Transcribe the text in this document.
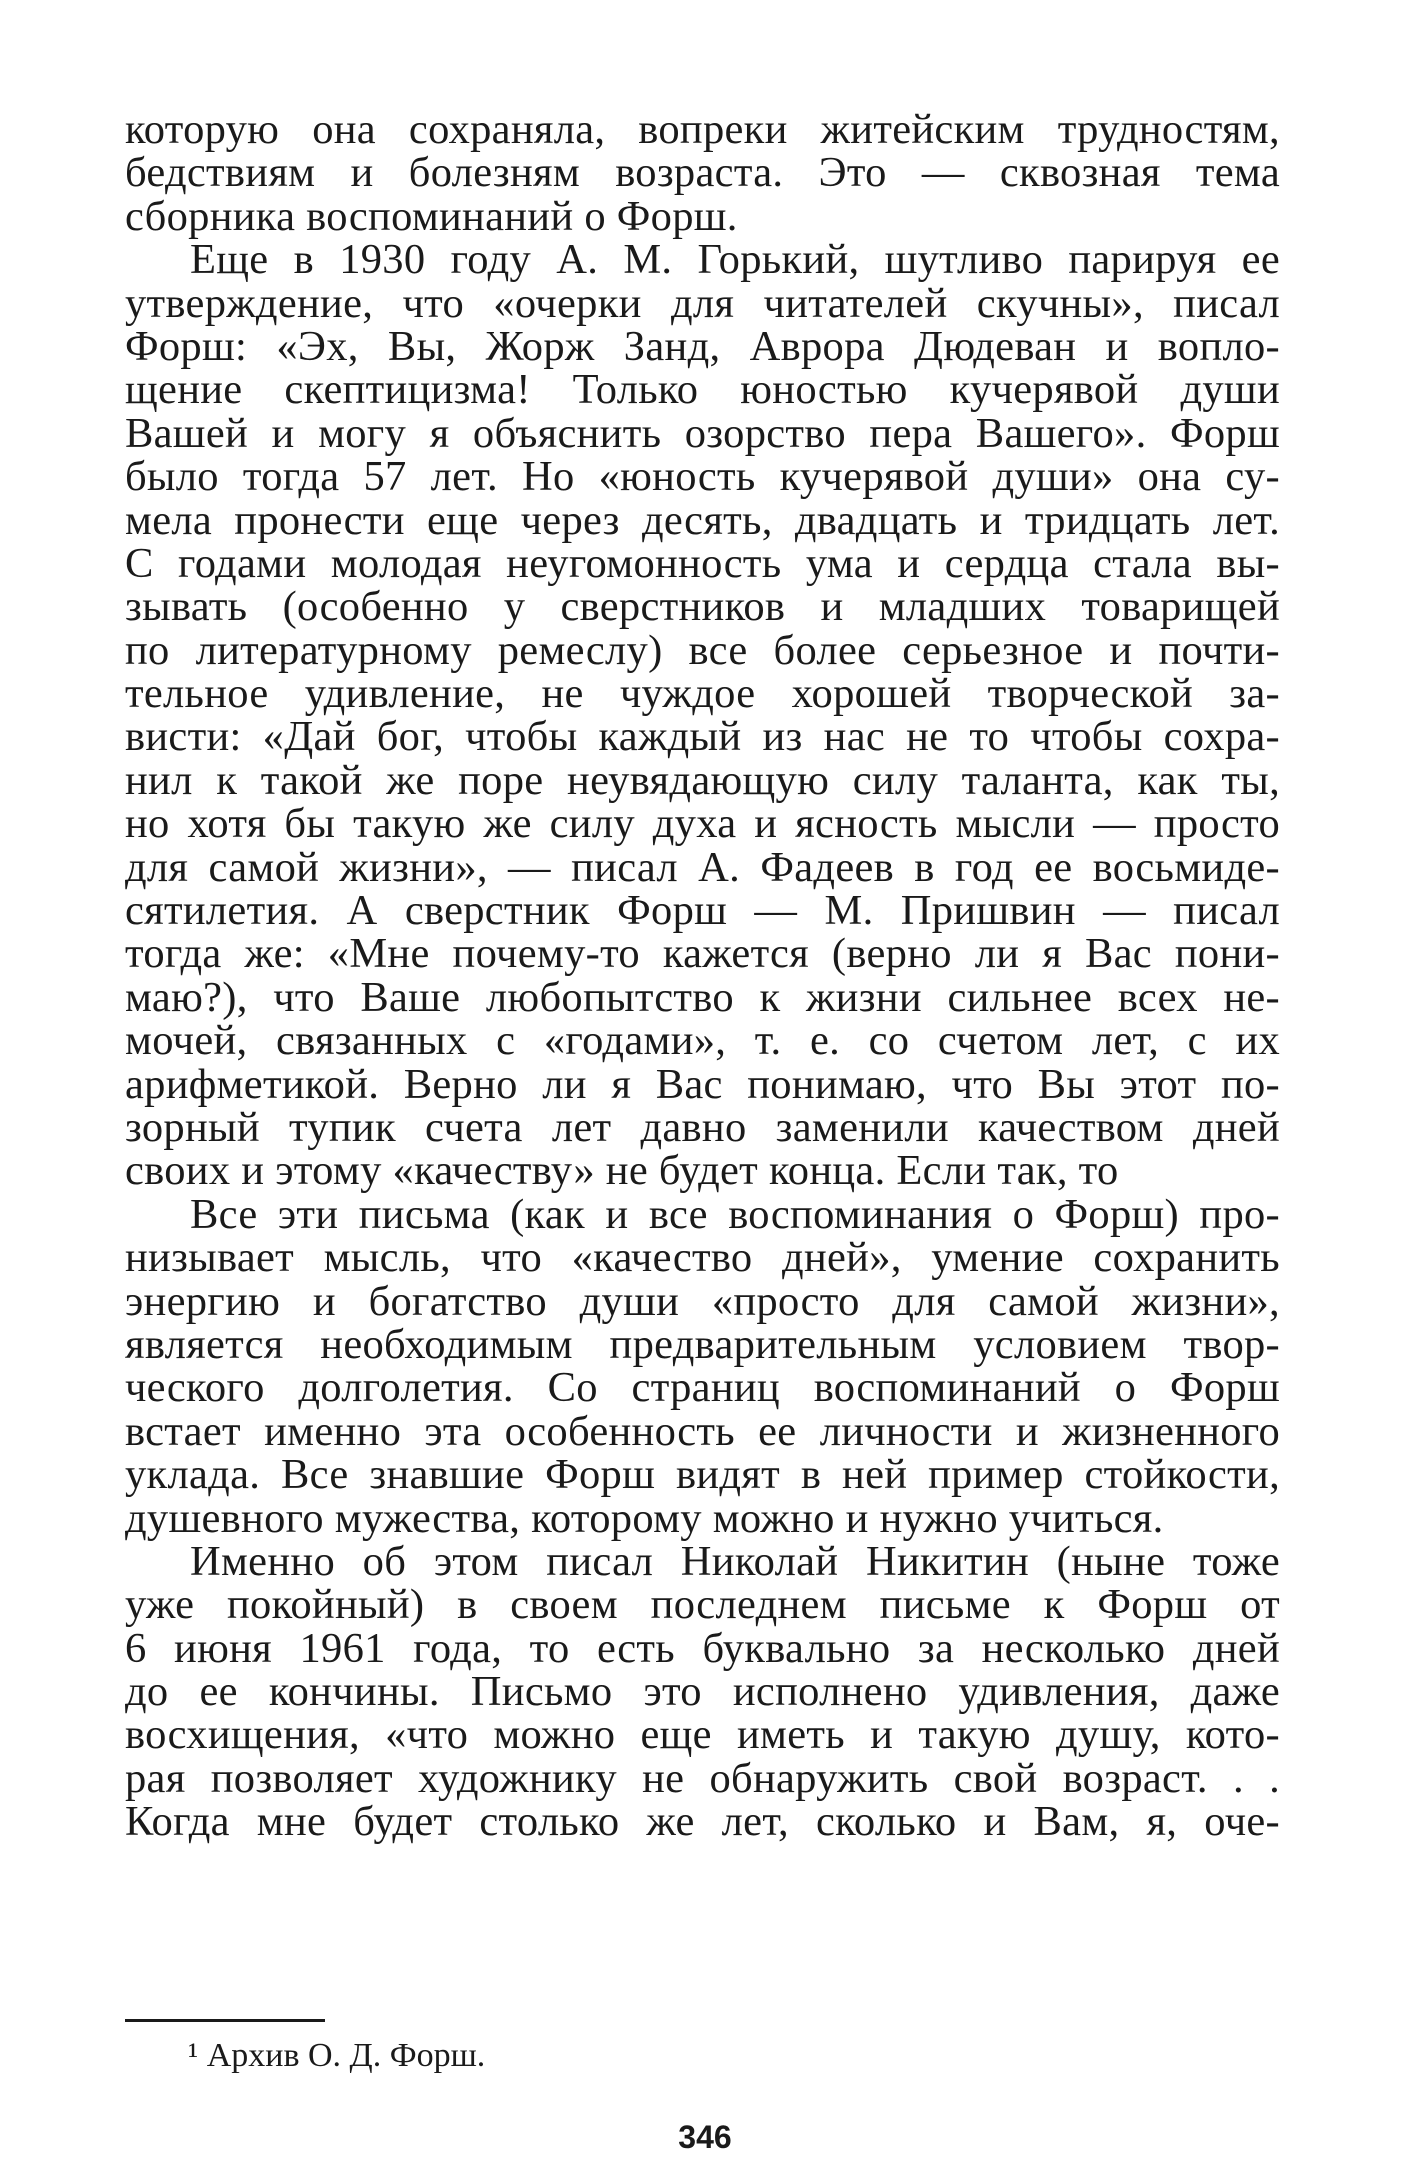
которую она сохраняла, вопреки житейским трудностям,
бедствиям и болезням возраста. Это — сквозная тема
сборника воспоминаний о Форш.
Еще в 1930 году А. М. Горький, шутливо парируя ее
утверждение, что «очерки для читателей скучны», писал
Форш: «Эх, Вы, Жорж Занд, Аврора Дюдеван и вопло-
щение скептицизма! Только юностью кучерявой души
Вашей и могу я объяснить озорство пера Вашего». Форш
было тогда 57 лет. Но «юность кучерявой души» она су-
мела пронести еще через десять, двадцать и тридцать лет.
С годами молодая неугомонность ума и сердца стала вы-
зывать (особенно у сверстников и младших товарищей
по литературному ремеслу) все более серьезное и почти-
тельное удивление, не чуждое хорошей творческой за-
висти: «Дай бог, чтобы каждый из нас не то чтобы сохра-
нил к такой же поре неувядающую силу таланта, как ты,
но хотя бы такую же силу духа и ясность мысли — просто
для самой жизни», — писал А. Фадеев в год ее восьмиде-
сятилетия. А сверстник Форш — М. Пришвин — писал
тогда же: «Мне почему-то кажется (верно ли я Вас пони-
маю?), что Ваше любопытство к жизни сильнее всех не-
мочей, связанных с «годами», т. е. со счетом лет, с их
арифметикой. Верно ли я Вас понимаю, что Вы этот по-
зорный тупик счета лет давно заменили качеством дней
своих и этому «качеству» не будет конца. Если так, то
Все эти письма (как и все воспоминания о Форш) про-
низывает мысль, что «качество дней», умение сохранить
энергию и богатство души «просто для самой жизни»,
является необходимым предварительным условием твор-
ческого долголетия. Со страниц воспоминаний о Форш
встает именно эта особенность ее личности и жизненного
уклада. Все знавшие Форш видят в ней пример стойкости,
душевного мужества, которому можно и нужно учиться.
Именно об этом писал Николай Никитин (ныне тоже
уже покойный) в своем последнем письме к Форш от
6 июня 1961 года, то есть буквально за несколько дней
до ее кончины. Письмо это исполнено удивления, даже
восхищения, «что можно еще иметь и такую душу, кото-
рая позволяет художнику не обнаружить свой возраст. . .
Когда мне будет столько же лет, сколько и Вам, я, оче-
¹ Архив О. Д. Форш.
346
